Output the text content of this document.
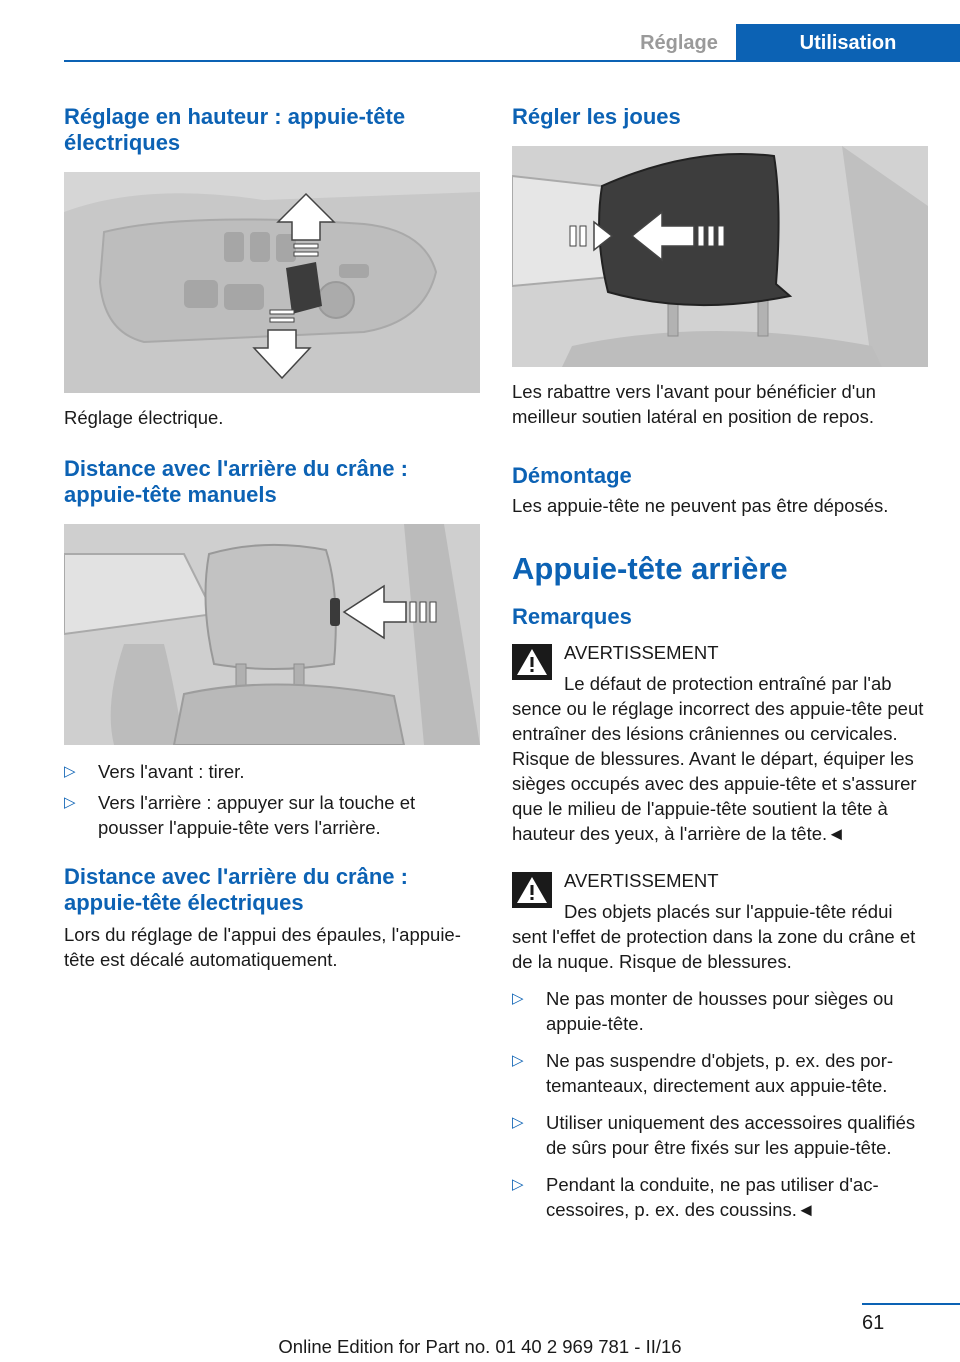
Réglage	Utilisation
Réglage en hauteur : appuie-tête électriques

Réglage électrique.

Distance avec l'arrière du crâne : appuie-tête manuels
▷ Vers l'avant : tirer.
▷ Vers l'arrière : appuyer sur la touche et pousser l'appuie-tête vers l'arrière.
Distance avec l'arrière du crâne : appuie-tête électriques

Lors du réglage de l'appui des épaules, l'appuie-tête est décalé automatiquement.

Régler les joues

Les rabattre vers l'avant pour bénéficier d'un meilleur soutien latéral en position de repos.

Démontage

Les appuie-tête ne peuvent pas être déposés.

Appuie-tête arrière
Remarques
AVERTISSEMENT
Le défaut de protection entraîné par l'ab
sence ou le réglage incorrect des appuie-tête peut entraîner des lésions crâniennes ou cervicales. Risque de blessures. Avant le départ, équiper les sièges occupés avec des appuie-tête et s'assurer que le milieu de l'appuie-tête soutient la tête à hauteur des yeux, à l'arrière de la tête.◄
AVERTISSEMENT
Des objets placés sur l'appuie-tête rédui
sent l'effet de protection dans la zone du crâne et de la nuque. Risque de blessures.
▷ Ne pas monter de housses pour sièges ou appuie-tête.
▷ Ne pas suspendre d'objets, p. ex. des portemanteaux, directement aux appuie-tête.
▷ Utiliser uniquement des accessoires qualifiés de sûrs pour être fixés sur les appuie-tête.
▷ Pendant la conduite, ne pas utiliser d'accessoires, p. ex. des coussins.◄
61
Online Edition for Part no. 01 40 2 969 781 - II/16
